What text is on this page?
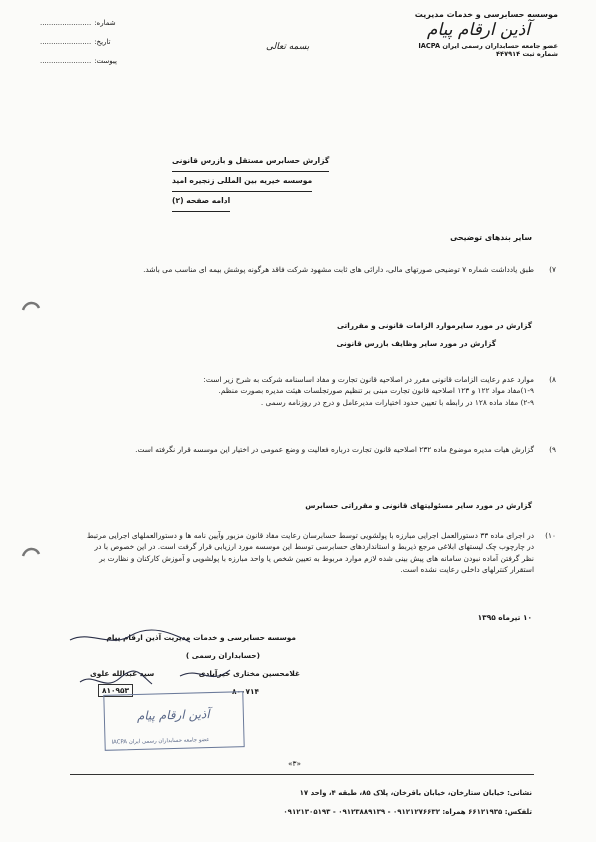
شماره:
.......................
تاریخ:
.......................
پیوست:
.......................
بسمه تعالی
موسسه حسابرسی و خدمات مدیریت
آذین ارقام پیام
عضو جامعه حسابداران رسمی ایران IACPA
شماره ثبت ۴۴۷۹۱۴
گزارش حسابرس مستقل و بازرس قانونی
موسسه خیریه بین المللی زنجیره امید
ادامه صفحه (۲)
سایر بندهای توضیحی
۷)
طبق یادداشت شماره ۷ توضیحی صورتهای مالی، دارائی های ثابت مشهود شرکت فاقد هرگونه پوشش بیمه ای مناسب می باشد.
گزارش در مورد سایرموارد الزامات قانونی و مقرراتی
گزارش در مورد سایر وظایف بازرس قانونی
۸)
موارد عدم رعایت الزامات قانونی مقرر در اصلاحیه قانون تجارت و مفاد اساسنامه شرکت به شرح زیر است:
۱-۹)مفاد مواد ۱۲۲ و ۱۲۳ اصلاحیه قانون تجارت مبنی بر تنظیم صورتجلسات هیئت مدیره بصورت منظم.
۲-۹) مفاد ماده ۱۲۸ در رابطه با تعیین حدود اختیارات مدیرعامل و درج در روزنامه رسمی .
۹)
گزارش هیات مدیره موضوع ماده ۲۳۲ اصلاحیه قانون تجارت درباره فعالیت و وضع عمومی در اختیار این موسسه قرار نگرفته است.
گزارش در مورد سایر مسئولیتهای قانونی و مقرراتی حسابرس
۱۰)
در اجرای ماده ۳۳ دستورالعمل اجرایی مبارزه با پولشویی توسط حسابرسان رعایت مفاد قانون مزبور وآیین نامه ها و دستورالعملهای اجرایی مرتبط در چارچوب چک لیستهای ابلاغی مرجع ذیربط و استانداردهای حسابرسی توسط این موسسه مورد ارزیابی قرار گرفت است. در این خصوص با در نظر گرفتن آماده نبودن سامانه های پیش بینی شده لازم موارد مربوط به تعیین شخص یا واحد مبارزه با پولشویی و آموزش کارکنان و نظارت بر استقرار کنترلهای داخلی رعایت نشده است.
۱۰ تیرماه ۱۳۹۵
موسسه حسابرسی و خدمات مدیریت آذین ارقام پیام
(حسابداران رسمی )
غلامحسین مختاری خیرآبادی
سید عبدالله علوی
۸۰۰۷۱۴
۸۱۰۹۵۳
آذین ارقام پیام
عضو جامعه حسابداران رسمی ایران IACPA
«۳»
نشانی: خیابان ستارخان، خیابان باقرخان، پلاک ۸۵، طبقه ۴، واحد ۱۷
تلفکس: ۶۶۱۲۱۹۳۵ همراه: ۰۹۱۲۱۲۷۶۶۳۲ - ۰۹۱۲۳۸۸۹۱۳۹ - ۰۹۱۲۱۳۰۵۱۹۳
